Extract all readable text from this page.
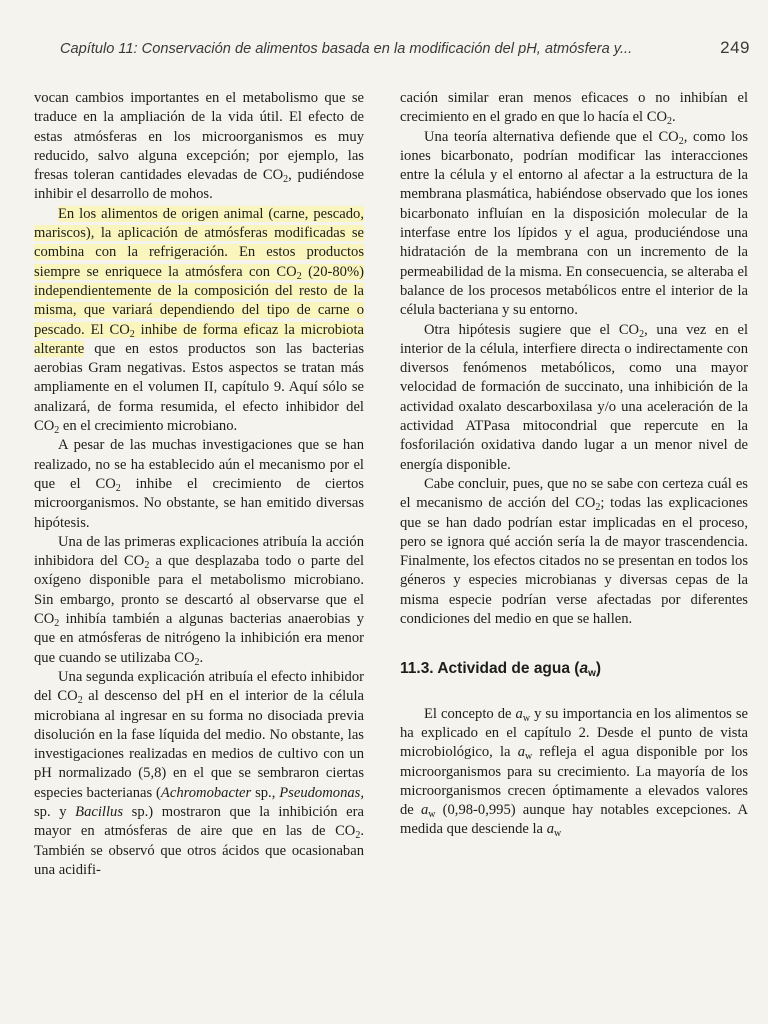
Capítulo 11: Conservación de alimentos basada en la modificación del pH, atmósfera y...	249

vocan cambios importantes en el metabolismo que se traduce en la ampliación de la vida útil. El efecto de estas atmósferas en los microorganismos es muy reducido, salvo alguna excepción; por ejemplo, las fresas toleran cantidades elevadas de $CO_2$, pudiéndose inhibir el desarrollo de mohos.

En los alimentos de origen animal (carne, pescado, mariscos), la aplicación de atmósferas modificadas se combina con la refrigeración. En estos productos siempre se enriquece la atmósfera con $CO_2$ (20-80%) independientemente de la composición del resto de la misma, que variará dependiendo del tipo de carne o pescado. El $CO_2$ inhibe de forma eficaz la microbiota alterante que en estos productos son las bacterias aerobias Gram negativas. Estos aspectos se tratan más ampliamente en el volumen II, capítulo 9. Aquí sólo se analizará, de forma resumida, el efecto inhibidor del $CO_2$ en el crecimiento microbiano.

A pesar de las muchas investigaciones que se han realizado, no se ha establecido aún el mecanismo por el que el $CO_2$ inhibe el crecimiento de ciertos microorganismos. No obstante, se han emitido diversas hipótesis.

Una de las primeras explicaciones atribuía la acción inhibidora del $CO_2$ a que desplazaba todo o parte del oxígeno disponible para el metabolismo microbiano. Sin embargo, pronto se descartó al observarse que el $CO_2$ inhibía también a algunas bacterias anaerobias y que en atmósferas de nitrógeno la inhibición era menor que cuando se utilizaba $CO_2$.

Una segunda explicación atribuía el efecto inhibidor del $CO_2$ al descenso del pH en el interior de la célula microbiana al ingresar en su forma no disociada previa disolución en la fase líquida del medio. No obstante, las investigaciones realizadas en medios de cultivo con un pH normalizado (5,8) en el que se sembraron ciertas especies bacterianas (Achromobacter sp., Pseudomonas, sp. y Bacillus sp.) mostraron que la inhibición era mayor en atmósferas de aire que en las de $CO_2$. También se observó que otros ácidos que ocasionaban una acidifi-

cación similar eran menos eficaces o no inhibían el crecimiento en el grado en que lo hacía el $CO_2$.

Una teoría alternativa defiende que el $CO_2$, como los iones bicarbonato, podrían modificar las interacciones entre la célula y el entorno al afectar a la estructura de la membrana plasmática, habiéndose observado que los iones bicarbonato influían en la disposición molecular de la interfase entre los lípidos y el agua, produciéndose una hidratación de la membrana con un incremento de la permeabilidad de la misma. En consecuencia, se alteraba el balance de los procesos metabólicos entre el interior de la célula bacteriana y su entorno.

Otra hipótesis sugiere que el $CO_2$, una vez en el interior de la célula, interfiere directa o indirectamente con diversos fenómenos metabólicos, como una mayor velocidad de formación de succinato, una inhibición de la actividad oxalato descarboxilasa y/o una aceleración de la actividad ATPasa mitocondrial que repercute en la fosforilación oxidativa dando lugar a un menor nivel de energía disponible.

Cabe concluir, pues, que no se sabe con certeza cuál es el mecanismo de acción del $CO_2$; todas las explicaciones que se han dado podrían estar implicadas en el proceso, pero se ignora qué acción sería la de mayor trascendencia. Finalmente, los efectos citados no se presentan en todos los géneros y especies microbianas y diversas cepas de la misma especie podrían verse afectadas por diferentes condiciones del medio en que se hallen.

11.3. Actividad de agua $(a_w)$

El concepto de $a_w$ y su importancia en los alimentos se ha explicado en el capítulo 2. Desde el punto de vista microbiológico, la $a_w$ refleja el agua disponible por los microorganismos para su crecimiento. La mayoría de los microorganismos crecen óptimamente a elevados valores de $a_w$ (0,98-0,995) aunque hay notables excepciones. A medida que desciende la $a_w$
